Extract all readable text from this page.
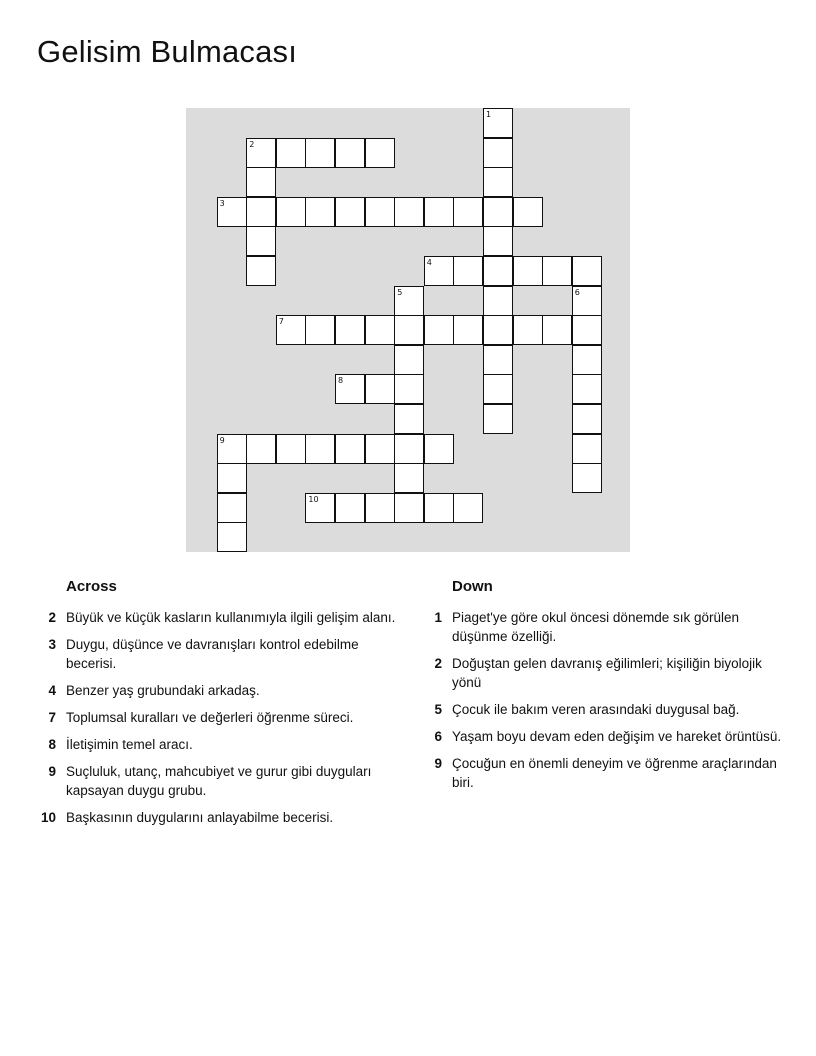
Gelisim Bulmacası
1
2
3
4
5	6
7
8
9
10
Across
2 Büyük ve küçük kasların kullanımıyla ilgili gelişim alanı.
3 Duygu, düşünce ve davranışları kontrol edebilme becerisi.
4 Benzer yaş grubundaki arkadaş.
7 Toplumsal kuralları ve değerleri öğrenme süreci.
8 İletişimin temel aracı.
9 Suçluluk, utanç, mahcubiyet ve gurur gibi duyguları kapsayan duygu grubu.
10 Başkasının duygularını anlayabilme becerisi.
Down
1 Piaget'ye göre okul öncesi dönemde sık görülen düşünme özelliği.
2 Doğuştan gelen davranış eğilimleri; kişiliğin biyolojik yönü
5 Çocuk ile bakım veren arasındaki duygusal bağ.
6 Yaşam boyu devam eden değişim ve hareket örüntüsü.
9 Çocuğun en önemli deneyim ve öğrenme araçlarından biri.
